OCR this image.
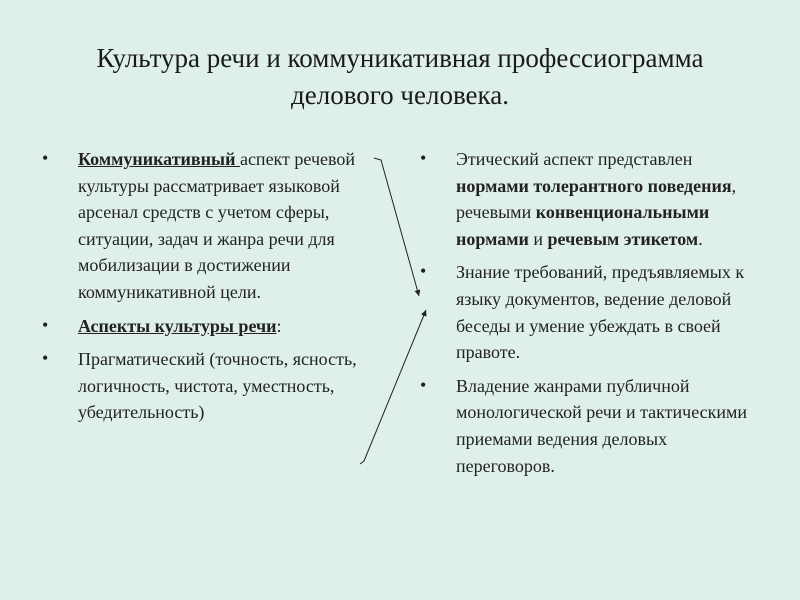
Культура речи и коммуникативная профессиограмма
делового человека.
• Коммуникативный аспект речевой культуры рассматривает языковой арсенал средств с учетом сферы, ситуации, задач и жанра речи для мобилизации в достижении коммуникативной цели.
• Аспекты культуры речи:
• Прагматический (точность, ясность, логичность, чистота, уместность, убедительность)
• Этический аспект представлен нормами толерантного поведения, речевыми конвенциональными нормами и речевым этикетом.
• Знание требований, предъявляемых к языку документов, ведение деловой беседы и умение убеждать в своей правоте.
• Владение жанрами публичной монологической речи и тактическими приемами ведения деловых переговоров.
